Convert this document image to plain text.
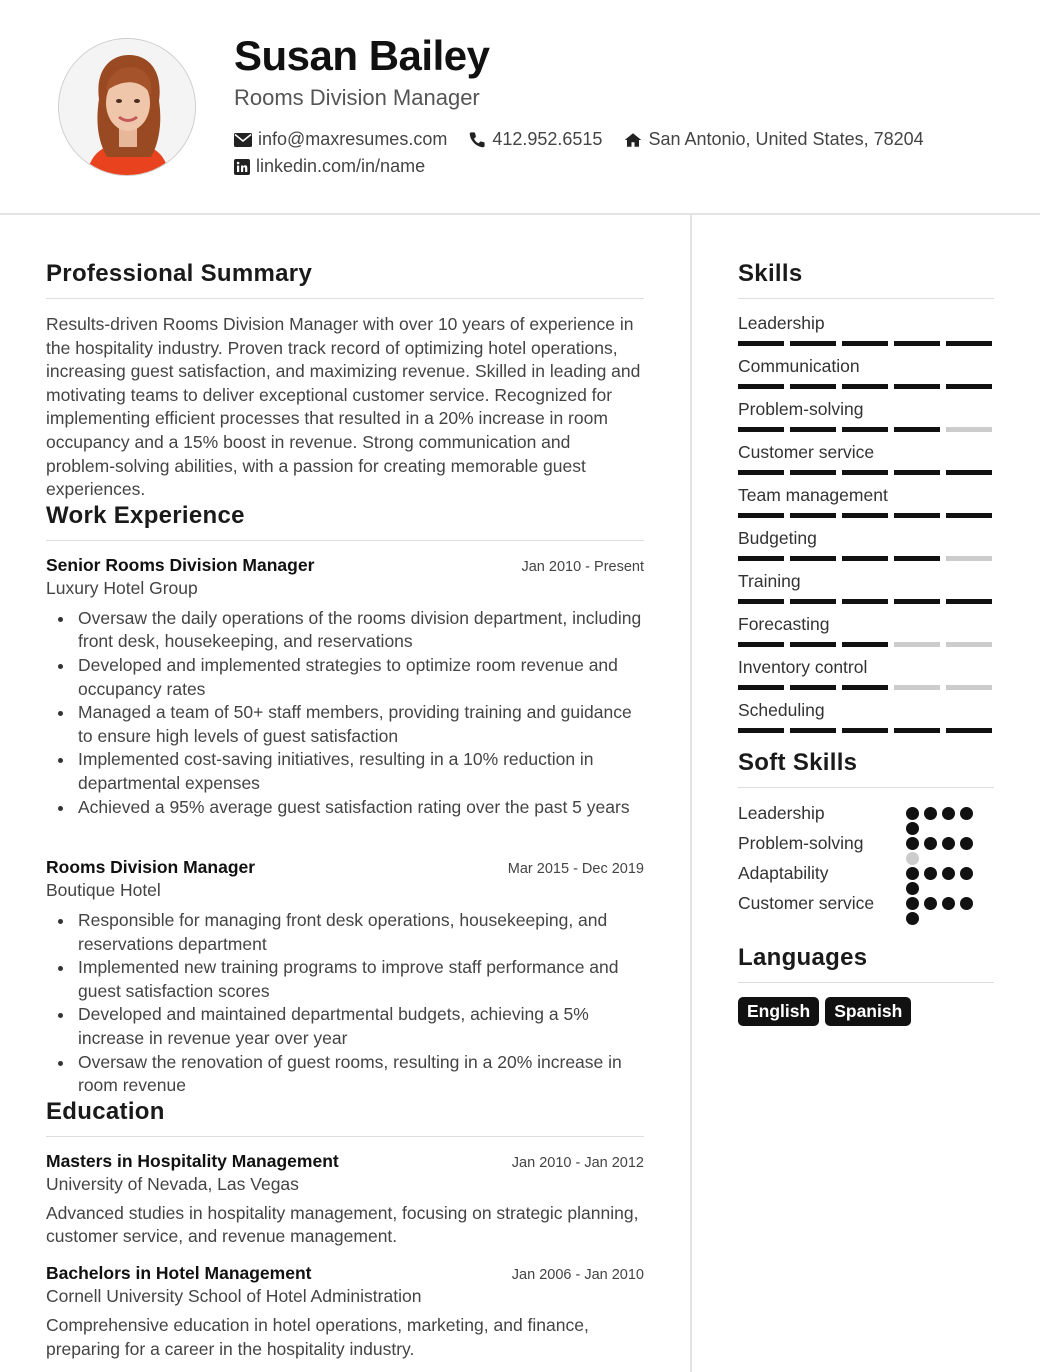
Susan Bailey
Rooms Division Manager
info@maxresumes.com	412.952.6515	San Antonio, United States, 78204
linkedin.com/in/name
Professional Summary
Results-driven Rooms Division Manager with over 10 years of experience in the hospitality industry. Proven track record of optimizing hotel operations, increasing guest satisfaction, and maximizing revenue. Skilled in leading and motivating teams to deliver exceptional customer service. Recognized for implementing efficient processes that resulted in a 20% increase in room occupancy and a 15% boost in revenue. Strong communication and problem-solving abilities, with a passion for creating memorable guest experiences.
Work Experience
Senior Rooms Division Manager	Jan 2010 - Present
Luxury Hotel Group
Oversaw the daily operations of the rooms division department, including front desk, housekeeping, and reservations
Developed and implemented strategies to optimize room revenue and occupancy rates
Managed a team of 50+ staff members, providing training and guidance to ensure high levels of guest satisfaction
Implemented cost-saving initiatives, resulting in a 10% reduction in departmental expenses
Achieved a 95% average guest satisfaction rating over the past 5 years
Rooms Division Manager	Mar 2015 - Dec 2019
Boutique Hotel
Responsible for managing front desk operations, housekeeping, and reservations department
Implemented new training programs to improve staff performance and guest satisfaction scores
Developed and maintained departmental budgets, achieving a 5% increase in revenue year over year
Oversaw the renovation of guest rooms, resulting in a 20% increase in room revenue
Education
Masters in Hospitality Management	Jan 2010 - Jan 2012
University of Nevada, Las Vegas
Advanced studies in hospitality management, focusing on strategic planning, customer service, and revenue management.
Bachelors in Hotel Management	Jan 2006 - Jan 2010
Cornell University School of Hotel Administration
Comprehensive education in hotel operations, marketing, and finance, preparing for a career in the hospitality industry.
Skills
Leadership
Communication
Problem-solving
Customer service
Team management
Budgeting
Training
Forecasting
Inventory control
Scheduling
Soft Skills
Leadership
Problem-solving
Adaptability
Customer service
Languages
English	Spanish
